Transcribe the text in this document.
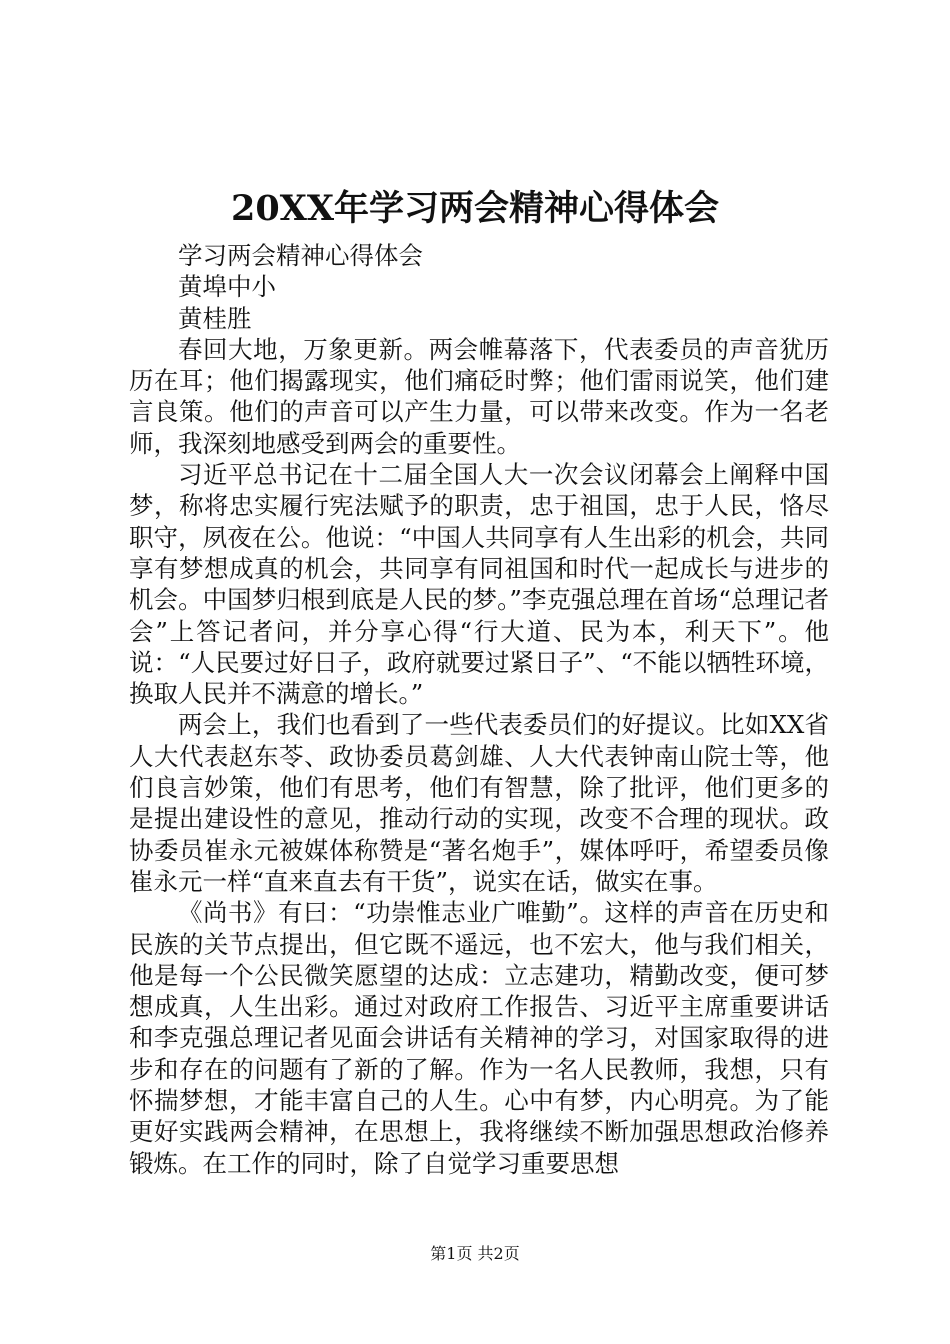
20XX年学习两会精神心得体会

学习两会精神心得体会

黄埠中小

黄桂胜

春回大地，万象更新。两会帷幕落下，代表委员的声音犹历历在耳；他们揭露现实，他们痛砭时弊；他们雷雨说笑，他们建言良策。他们的声音可以产生力量，可以带来改变。作为一名老师，我深刻地感受到两会的重要性。

习近平总书记在十二届全国人大一次会议闭幕会上阐释中国梦，称将忠实履行宪法赋予的职责，忠于祖国，忠于人民，恪尽职守，夙夜在公。他说：“中国人共同享有人生出彩的机会，共同享有梦想成真的机会，共同享有同祖国和时代一起成长与进步的机会。中国梦归根到底是人民的梦。”李克强总理在首场“总理记者会”上答记者问，并分享心得“行大道、民为本，利天下”。他说：“人民要过好日子，政府就要过紧日子”、“不能以牺牲环境，换取人民并不满意的增长。”

两会上，我们也看到了一些代表委员们的好提议。比如XX省人大代表赵东苓、政协委员葛剑雄、人大代表钟南山院士等，他们良言妙策，他们有思考，他们有智慧，除了批评，他们更多的是提出建设性的意见，推动行动的实现，改变不合理的现状。政协委员崔永元被媒体称赞是“著名炮手”，媒体呼吁，希望委员像崔永元一样“直来直去有干货”，说实在话，做实在事。

《尚书》有曰：“功崇惟志业广唯勤”。这样的声音在历史和民族的关节点提出，但它既不遥远，也不宏大，他与我们相关，他是每一个公民微笑愿望的达成：立志建功，精勤改变，便可梦想成真，人生出彩。通过对政府工作报告、习近平主席重要讲话和李克强总理记者见面会讲话有关精神的学习，对国家取得的进步和存在的问题有了新的了解。作为一名人民教师，我想，只有怀揣梦想，才能丰富自己的人生。心中有梦，内心明亮。为了能更好实践两会精神，在思想上，我将继续不断加强思想政治修养锻炼。在工作的同时，除了自觉学习重要思想

第1页 共2页
